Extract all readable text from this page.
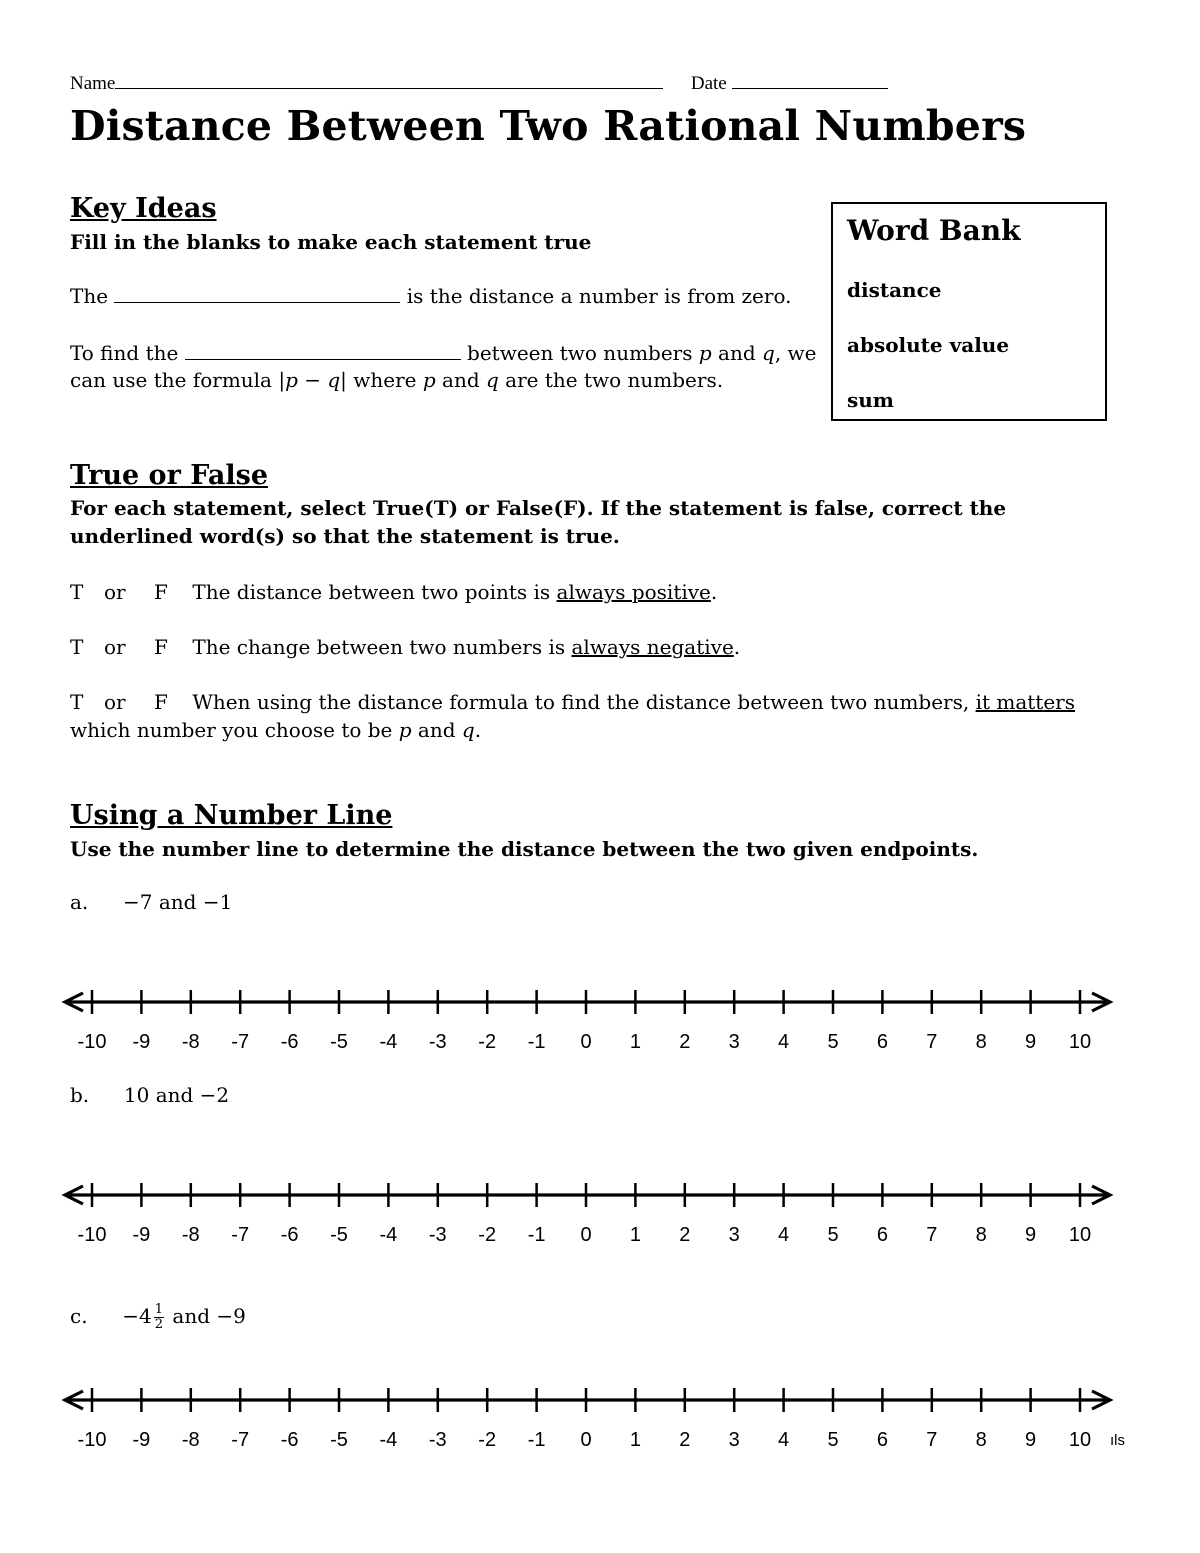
Name	Date
Distance Between Two Rational Numbers
Key Ideas
Fill in the blanks to make each statement true
The	is the distance a number is from zero.
To find the	between two numbers p and q, we
can use the formula |p − q| where p and q are the two numbers.
Word Bank
distance
absolute value
sum
True or False
For each statement, select True(T) or False(F). If the statement is false, correct the underlined word(s) so that the statement is true.
T or F The distance between two points is always positive.
T or F The change between two numbers is always negative.
T or F When using the distance formula to find the distance between two numbers, it matters which number you choose to be p and q.
Using a Number Line
Use the number line to determine the distance between the two given endpoints.
a. −7 and −1
-10 -9 -8 -7 -6 -5 -4 -3 -2 -1 0 1 2 3 4 5 6 7 8 9 10
b. 10 and −2
-10 -9 -8 -7 -6 -5 -4 -3 -2 -1 0 1 2 3 4 5 6 7 8 9 10
c. $-4 \frac{1}{2}$ and −9
-10 -9 -8 -7 -6 -5 -4 -3 -2 -1 0 1 2 3 4 5 6 7 8 9 10 ıls
